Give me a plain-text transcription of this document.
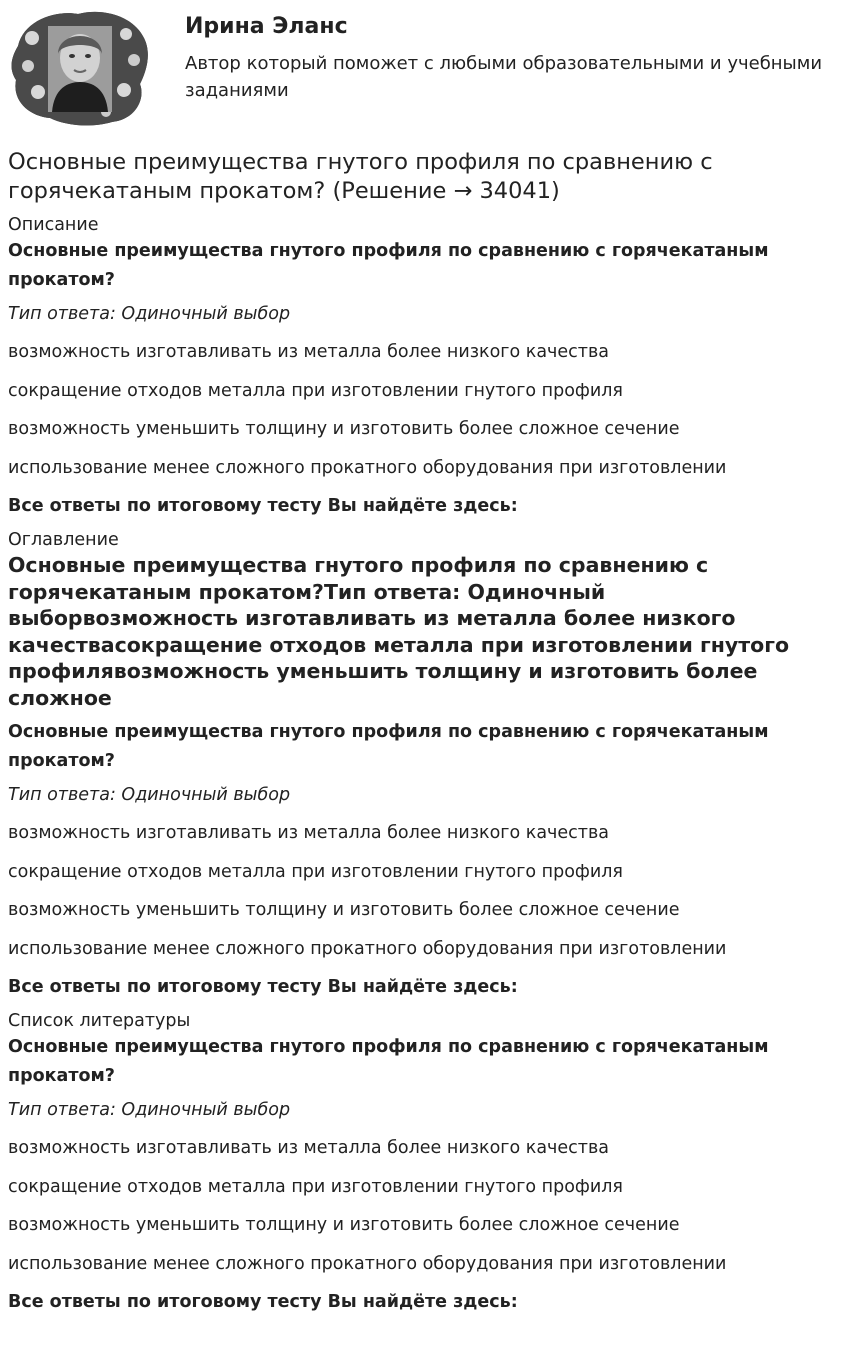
Ирина Эланс

Автор который поможет с любыми образовательными и учебными заданиями

Основные преимущества гнутого профиля по сравнению с горячекатаным прокатом? (Решение → 34041)
Описание
Основные преимущества гнутого профиля по сравнению с горячекатаным прокатом?
Тип ответа: Одиночный выбор
возможность изготавливать из металла более низкого качества
сокращение отходов металла при изготовлении гнутого профиля
возможность уменьшить толщину и изготовить более сложное сечение
использование менее сложного прокатного оборудования при изготовлении
Все ответы по итоговому тесту Вы найдёте здесь:
Оглавление
Основные преимущества гнутого профиля по сравнению с горячекатаным прокатом?Тип ответа: Одиночный выборвозможность изготавливать из металла более низкого качествасокращение отходов металла при изготовлении гнутого профилявозможность уменьшить толщину и изготовить более сложное
Основные преимущества гнутого профиля по сравнению с горячекатаным прокатом?
Тип ответа: Одиночный выбор
возможность изготавливать из металла более низкого качества
сокращение отходов металла при изготовлении гнутого профиля
возможность уменьшить толщину и изготовить более сложное сечение
использование менее сложного прокатного оборудования при изготовлении
Все ответы по итоговому тесту Вы найдёте здесь:
Список литературы
Основные преимущества гнутого профиля по сравнению с горячекатаным прокатом?
Тип ответа: Одиночный выбор
возможность изготавливать из металла более низкого качества
сокращение отходов металла при изготовлении гнутого профиля
возможность уменьшить толщину и изготовить более сложное сечение
использование менее сложного прокатного оборудования при изготовлении
Все ответы по итоговому тесту Вы найдёте здесь:
